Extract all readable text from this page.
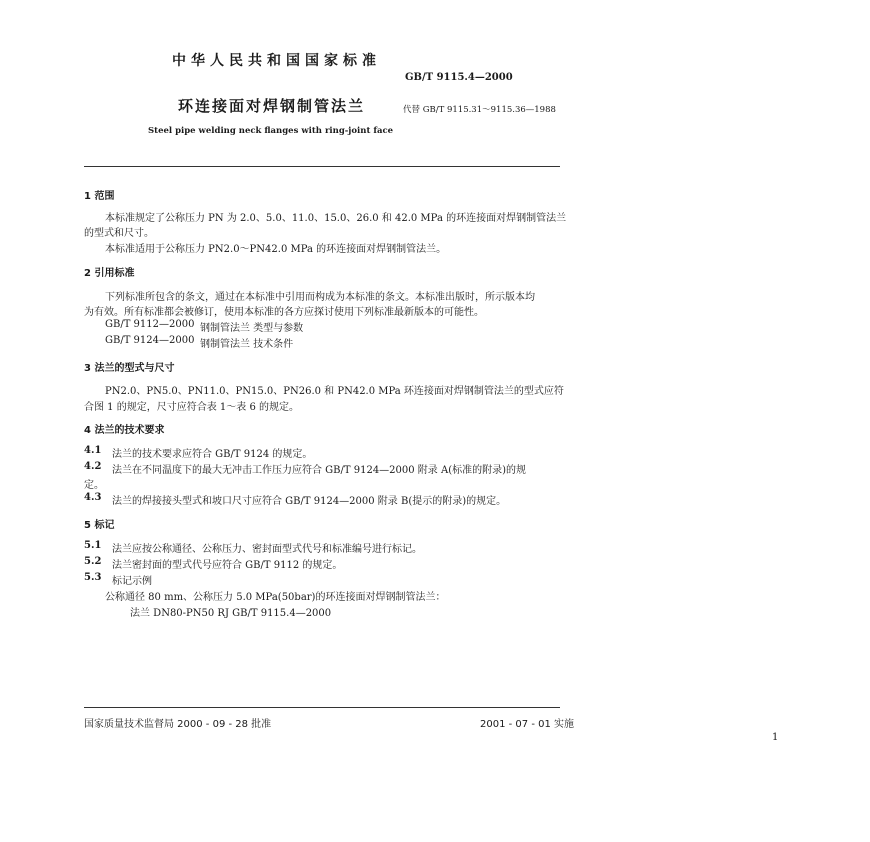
中华人民共和国国家标准
GB/T 9115.4—2000
环连接面对焊钢制管法兰	代替 GB/T 9115.31～9115.36—1988
Steel pipe welding neck flanges with ring-joint face
1 范围
本标准规定了公称压力 PN 为 2.0、5.0、11.0、15.0、26.0 和 42.0 MPa 的环连接面对焊钢制管法兰
的型式和尺寸。
本标准适用于公称压力 PN2.0～PN42.0 MPa 的环连接面对焊钢制管法兰。
2 引用标准
下列标准所包含的条文，通过在本标准中引用而构成为本标准的条文。本标准出版时，所示版本均
为有效。所有标准都会被修订，使用本标准的各方应探讨使用下列标准最新版本的可能性。
GB/T 9112—2000 钢制管法兰 类型与参数
GB/T 9124—2000 钢制管法兰 技术条件
3 法兰的型式与尺寸
PN2.0、PN5.0、PN11.0、PN15.0、PN26.0 和 PN42.0 MPa 环连接面对焊钢制管法兰的型式应符
合图 1 的规定，尺寸应符合表 1～表 6 的规定。
4 法兰的技术要求
4.1 法兰的技术要求应符合 GB/T 9124 的规定。
4.2 法兰在不同温度下的最大无冲击工作压力应符合 GB/T 9124—2000 附录 A(标准的附录)的规
定。
4.3 法兰的焊接接头型式和坡口尺寸应符合 GB/T 9124—2000 附录 B(提示的附录)的规定。
5 标记
5.1 法兰应按公称通径、公称压力、密封面型式代号和标准编号进行标记。
5.2 法兰密封面的型式代号应符合 GB/T 9112 的规定。
5.3 标记示例
公称通径 80 mm、公称压力 5.0 MPa(50bar)的环连接面对焊钢制管法兰：
法兰 DN80-PN50 RJ GB/T 9115.4—2000
国家质量技术监督局 2000 - 09 - 28 批准	2001 - 07 - 01 实施
1
